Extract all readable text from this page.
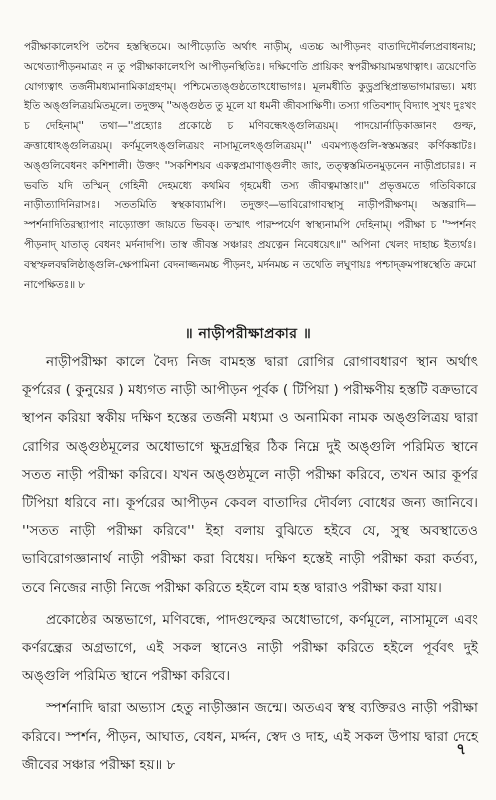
পরীক্ষাকালেঽপি তদৈব হস্তস্থিতমে। আপীড়্যেতি অর্থাৎ নাড়ীম্, এতচ্চ আপীড়নং বাতাদিদৌর্বল্যপ্রবাধনায়; অথেত্যাপীড়নমাত্রং ন তু পরীক্ষাকালেঽপি আপীড়নস্থিতিঃ। দক্ষিণেতি প্রায়িকং স্বপরীক্ষায়ামন্তথাত্বাৎ। ত্রয়েণেতি যোগ্যত্বাৎ তর্জনীমধ্যমানামিকাগ্রহণম্। পশ্চিমেত্যঙ্গুষ্ঠতোঽধোভাগঃ। মূলমধীতি কুড়্রপ্রস্থিপ্রান্তভাগমারভ্য। মধ্য ইতি অঙ্গুলিত্রয়মিতমূলে। তদুক্তম্ ''অঙ্গুষ্ঠত তু মূলে যা ধমনী জীবসাক্ষিণী। তস্যা গতিবশাদ্ বিদ্যাৎ সুখং দুঃখং চ দেহিনাম্'' তথা—''প্রহ্যোঃ প্রকোষ্ঠে চ মণিবন্ধেঽঙ্গুলিত্রয়ম্। পাদয়োর্নাড়িকাজ্ঞানং গুল্ফ, ক্রত্তাধোঽঙ্গুলিত্রয়ম্। কর্ণমূলেঽঙ্গুলিত্রয়ং নাসামূলেঽঙ্গুলিত্রয়ম্।'' এবমপ্যঙ্গুলি-স্বস্তমস্তরং কর্ণিকঙ্কাটঃ। অঙ্গুলিবেধনং কশিশালী। উক্তং ''সকশিশয়ব একত্বপ্রমাণাঙ্গুলীং জাং, তত্ত্বস্তমিতনমুড়নেন নাড়ীপ্রচারঃ। ন ভবতি যদি তস্মিন্ গেহিনী দেহমধ্যে কথমিব গৃহমেধী তস্য জীবত্বমাস্তাং॥'' প্রভৃত্তমতে গতিবিকারে নাড়ীত্যাদিনিরাসঃ। সততমিতি স্বস্থকাব্যামপি। তদুক্তং—ভাবিরোগাবস্থাসু নাড়ীপরীক্ষণম্। অস্তরাদি—স্পর্শনাদিতিরস্থ্যাপাং নাড়্যোক্তা জায়তে ভিবক্। তস্মাৎ পারম্পর্যেণ স্বাস্থ্যনামপি দেহিনাম্। পরীক্ষা চ ''স্পর্শনং পীড়নাদ্ যাতাত্ বেধনং মর্দনাদপি। তাস্ব জীবস্ত সঞ্চারং প্রযত্নেন নিবেধয়েৎ॥'' অপিনা খেলং দাহাচ্চ ইত্যর্থঃ। বস্থস্ফলবদ্বলিষ্ঠাঙ্গুলি-ক্ষেপামিনা বেদনাজ্জনমচ্চ পীড়নং, মর্দনমচ্চ ন তথেতি লঘুণায়ঃ পশ্চাদ্ক্রমপাষ্বস্থেতি ক্রমো নাপেক্ষিতঃ॥ ৮

॥ নাড়ীপরীক্ষাপ্রকার ॥

নাড়ীপরীক্ষা কালে বৈদ্য নিজ বামহস্ত দ্বারা রোগির রোগাবধারণ স্থান অর্থাৎ কূর্পরের ( কুনুয়ের ) মধ্যগত নাড়ী আপীড়ন পূর্বক ( টিপিয়া ) পরীক্ষণীয় হস্তটি বক্রভাবে স্থাপন করিয়া স্বকীয় দক্ষিণ হস্তের তর্জনী মধ্যমা ও অনামিকা নামক অঙ্গুলিত্রয় দ্বারা রোগির অঙ্গুষ্ঠমূলের অধোভাগে ক্ষুদ্রগ্রন্থির ঠিক নিম্নে দুই অঙ্গুলি পরিমিত স্থানে সতত নাড়ী পরীক্ষা করিবে। যখন অঙ্গুষ্ঠমূলে নাড়ী পরীক্ষা করিবে, তখন আর কূর্পর টিপিয়া ধরিবে না। কূর্পরের আপীড়ন কেবল বাতাদির দৌর্বল্য বোধের জন্য জানিবে। ''সতত নাড়ী পরীক্ষা করিবে'' ইহা বলায় বুঝিতে হইবে যে, সুস্থ অবস্থাতেও ভাবিরোগজ্ঞানার্থ নাড়ী পরীক্ষা করা বিধেয়। দক্ষিণ হস্তেই নাড়ী পরীক্ষা করা কর্তব্য, তবে নিজের নাড়ী নিজে পরীক্ষা করিতে হইলে বাম হস্ত দ্বারাও পরীক্ষা করা যায়।

প্রকোষ্ঠের অন্তভাগে, মণিবন্ধে, পাদগুল্ফের অধোভাগে, কর্ণমূলে, নাসামূলে এবং কর্ণরন্ধ্রের অগ্রভাগে, এই সকল স্থানেও নাড়ী পরীক্ষা করিতে হইলে পূর্ববৎ দুই অঙ্গুলি পরিমিত স্থানে পরীক্ষা করিবে।

স্পর্শনাদি দ্বারা অভ্যাস হেতু নাড়ীজ্ঞান জন্মে। অতএব স্বস্থ ব্যক্তিরও নাড়ী পরীক্ষা করিবে। স্পর্শন, পীড়ন, আঘাত, বেধন, মর্দ্দন, স্বেদ ও দাহ, এই সকল উপায় দ্বারা দেহে জীবের সঞ্চার পরীক্ষা হয়॥ ৮

৭
